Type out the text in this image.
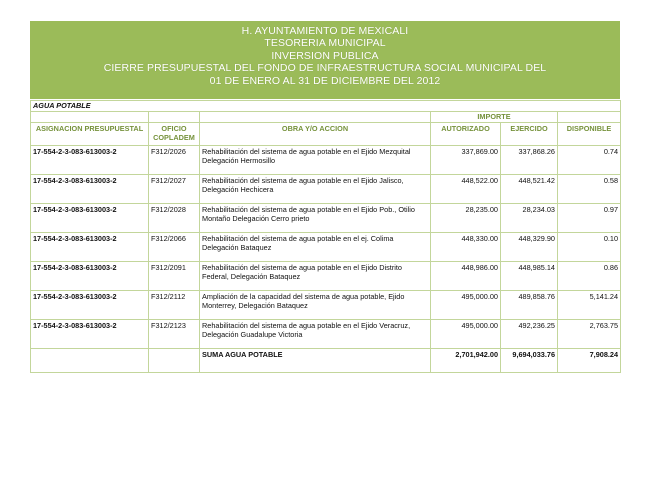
H. AYUNTAMIENTO DE MEXICALI
TESORERIA MUNICIPAL
INVERSION PUBLICA
CIERRE PRESUPUESTAL DEL FONDO DE INFRAESTRUCTURA SOCIAL MUNICIPAL DEL
01 DE ENERO AL 31 DE DICIEMBRE DEL 2012
AGUA POTABLE					
			IMPORTE		
ASIGNACION PRESUPUESTAL	OFICIO COPLADEM	OBRA Y/O ACCION	AUTORIZADO	EJERCIDO	DISPONIBLE
17-554-2-3-083-613003-2	F312/2026	Rehabilitación del sistema de agua potable en el Ejido Mezquital Delegación Hermosillo	337,869.00	337,868.26	0.74
17-554-2-3-083-613003-2	F312/2027	Rehabilitación del sistema de agua potable en el Ejido Jalisco, Delegación Hechicera	448,522.00	448,521.42	0.58
17-554-2-3-083-613003-2	F312/2028	Rehabilitación del sistema de agua potable en el Ejido Pob., Otilio Montaño Delegación Cerro prieto	28,235.00	28,234.03	0.97
17-554-2-3-083-613003-2	F312/2066	Rehabilitación del sistema de agua potable en el ej. Colima Delegación Bataquez	448,330.00	448,329.90	0.10
17-554-2-3-083-613003-2	F312/2091	Rehabilitación del sistema de agua potable en el Ejido Distrito Federal, Delegación Bataquez	448,986.00	448,985.14	0.86
17-554-2-3-083-613003-2	F312/2112	Ampliación de la capacidad del sistema de agua potable, Ejido Monterrey, Delegación Bataquez	495,000.00	489,858.76	5,141.24
17-554-2-3-083-613003-2	F312/2123	Rehabilitación del sistema de agua potable en el Ejido Veracruz, Delegación Guadalupe Victoria	495,000.00	492,236.25	2,763.75
		SUMA AGUA POTABLE	2,701,942.00	9,694,033.76	7,908.24
